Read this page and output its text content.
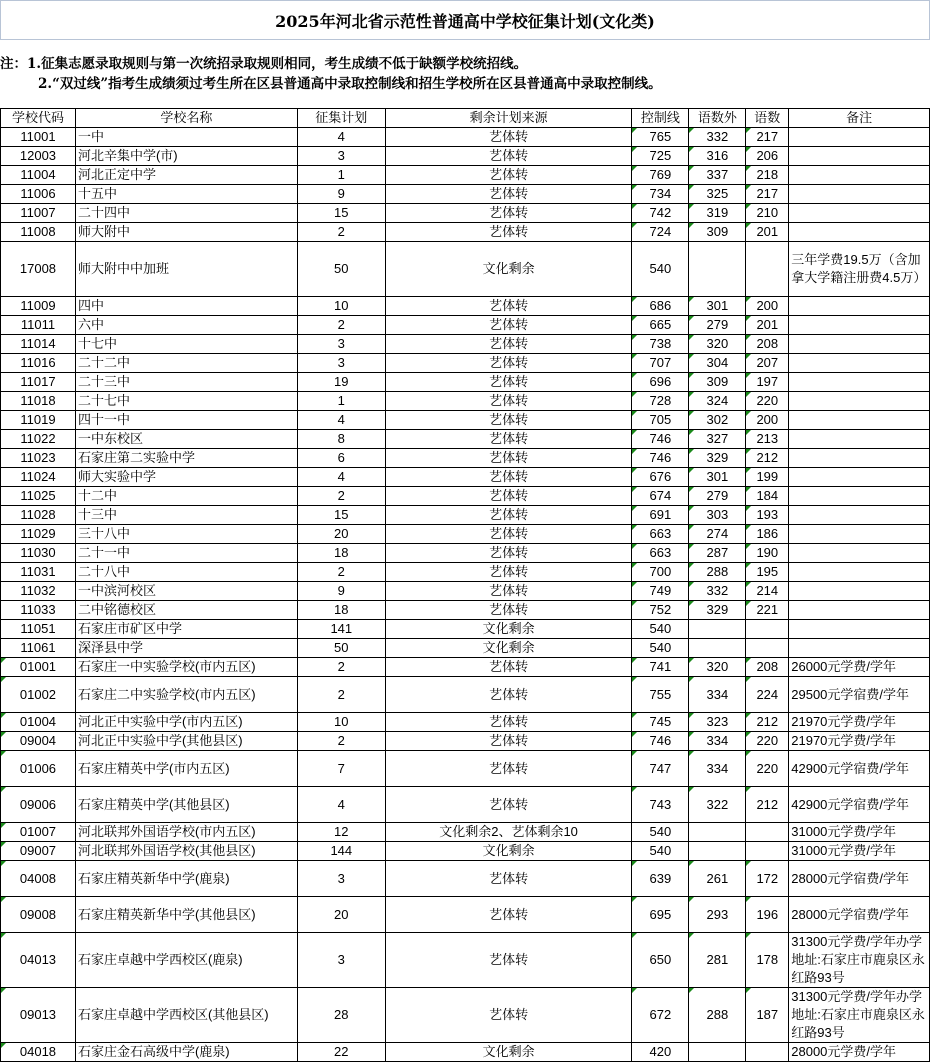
2025年河北省示范性普通高中学校征集计划(文化类)
注：1.征集志愿录取规则与第一次统招录取规则相同，考生成绩不低于缺额学校统招线。
2.“双过线”指考生成绩须过考生所在区县普通高中录取控制线和招生学校所在区县普通高中录取控制线。
学校代码	学校名称	征集计划	剩余计划来源	控制线	语数外	语数	备注
11001	一中	4	艺体转	765	332	217	
12003	河北辛集中学(市)	3	艺体转	725	316	206	
11004	河北正定中学	1	艺体转	769	337	218	
11006	十五中	9	艺体转	734	325	217	
11007	二十四中	15	艺体转	742	319	210	
11008	师大附中	2	艺体转	724	309	201	
17008	师大附中中加班	50	文化剩余	540			三年学费19.5万（含加拿大学籍注册费4.5万）
11009	四中	10	艺体转	686	301	200	
11011	六中	2	艺体转	665	279	201	
11014	十七中	3	艺体转	738	320	208	
11016	二十二中	3	艺体转	707	304	207	
11017	二十三中	19	艺体转	696	309	197	
11018	二十七中	1	艺体转	728	324	220	
11019	四十一中	4	艺体转	705	302	200	
11022	一中东校区	8	艺体转	746	327	213	
11023	石家庄第二实验中学	6	艺体转	746	329	212	
11024	师大实验中学	4	艺体转	676	301	199	
11025	十二中	2	艺体转	674	279	184	
11028	十三中	15	艺体转	691	303	193	
11029	三十八中	20	艺体转	663	274	186	
11030	二十一中	18	艺体转	663	287	190	
11031	二十八中	2	艺体转	700	288	195	
11032	一中滨河校区	9	艺体转	749	332	214	
11033	二中铭德校区	18	艺体转	752	329	221	
11051	石家庄市矿区中学	141	文化剩余	540			
11061	深泽县中学	50	文化剩余	540			
01001	石家庄一中实验学校(市内五区)	2	艺体转	741	320	208	26000元学费/学年
01002	石家庄二中实验学校(市内五区)	2	艺体转	755	334	224	29500元学宿费/学年
01004	河北正中实验中学(市内五区)	10	艺体转	745	323	212	21970元学费/学年
09004	河北正中实验中学(其他县区)	2	艺体转	746	334	220	21970元学费/学年
01006	石家庄精英中学(市内五区)	7	艺体转	747	334	220	42900元学宿费/学年
09006	石家庄精英中学(其他县区)	4	艺体转	743	322	212	42900元学宿费/学年
01007	河北联邦外国语学校(市内五区)	12	文化剩余2、艺体剩余10	540			31000元学费/学年
09007	河北联邦外国语学校(其他县区)	144	文化剩余	540			31000元学费/学年
04008	石家庄精英新华中学(鹿泉)	3	艺体转	639	261	172	28000元学宿费/学年
09008	石家庄精英新华中学(其他县区)	20	艺体转	695	293	196	28000元学宿费/学年
04013	石家庄卓越中学西校区(鹿泉)	3	艺体转	650	281	178	31300元学费/学年办学地址:石家庄市鹿泉区永红路93号
09013	石家庄卓越中学西校区(其他县区)	28	艺体转	672	288	187	31300元学费/学年办学地址:石家庄市鹿泉区永红路93号
04018	石家庄金石高级中学(鹿泉)	22	文化剩余	420			28000元学费/学年
